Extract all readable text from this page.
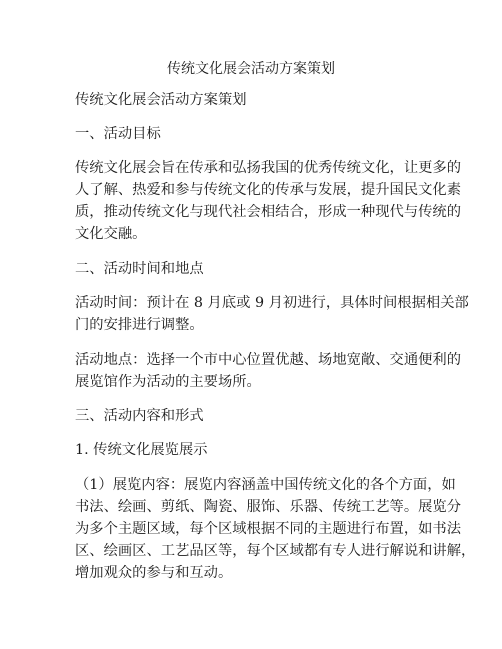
传统文化展会活动方案策划
传统文化展会活动方案策划
一、活动目标
传统文化展会旨在传承和弘扬我国的优秀传统文化，让更多的
人了解、热爱和参与传统文化的传承与发展，提升国民文化素
质，推动传统文化与现代社会相结合，形成一种现代与传统的
文化交融。
二、活动时间和地点
活动时间：预计在 8 月底或 9 月初进行，具体时间根据相关部
门的安排进行调整。
活动地点：选择一个市中心位置优越、场地宽敞、交通便利的
展览馆作为活动的主要场所。
三、活动内容和形式
1. 传统文化展览展示
（1）展览内容：展览内容涵盖中国传统文化的各个方面，如
书法、绘画、剪纸、陶瓷、服饰、乐器、传统工艺等。展览分
为多个主题区域，每个区域根据不同的主题进行布置，如书法
区、绘画区、工艺品区等，每个区域都有专人进行解说和讲解，
增加观众的参与和互动。
